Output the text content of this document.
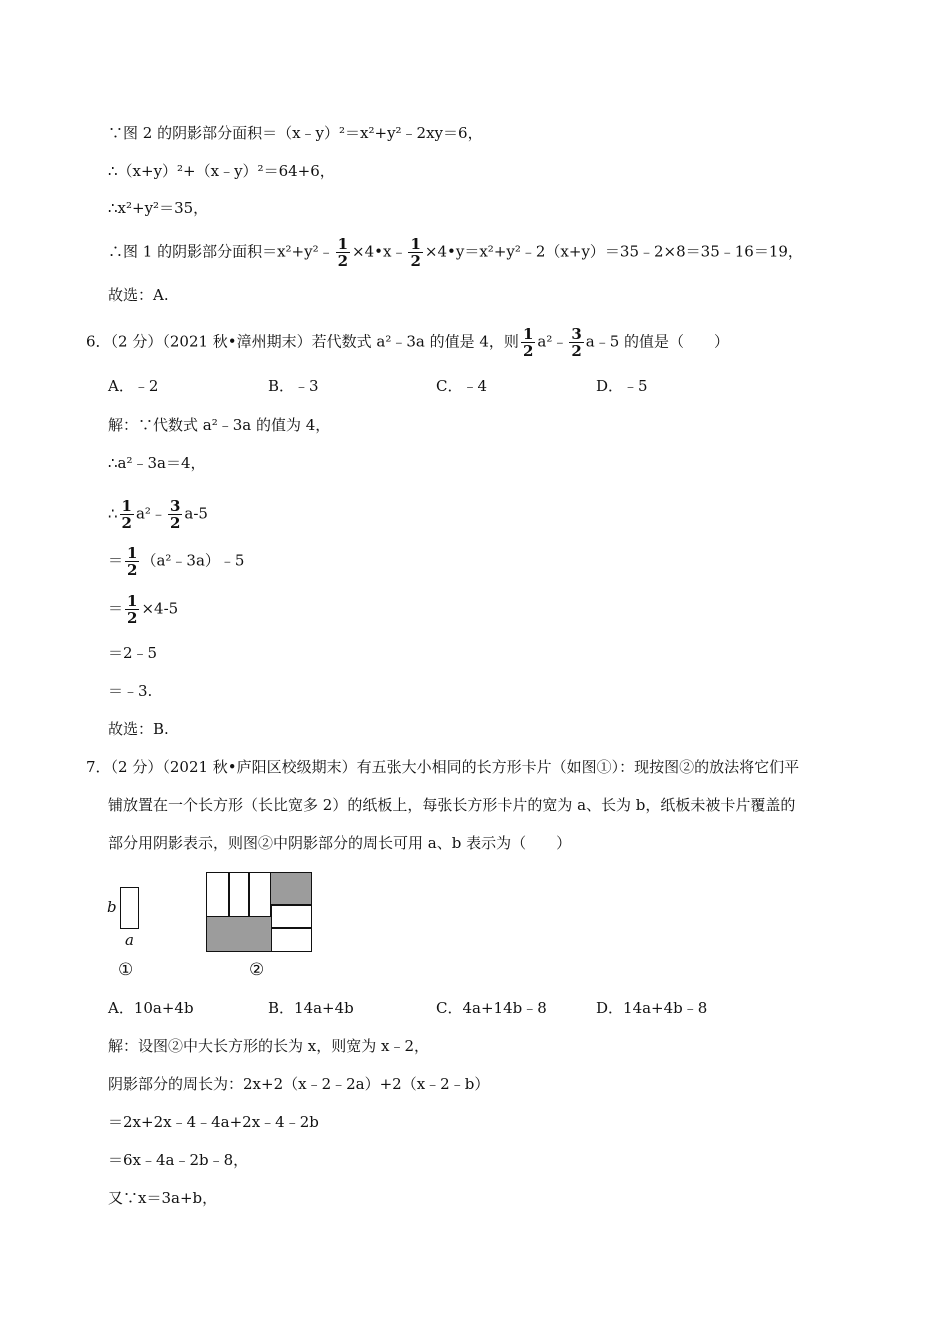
∵图 2 的阴影部分面积＝（x﹣y）²＝x²+y²﹣2xy＝6，
∴（x+y）²+（x﹣y）²＝64+6，
∴x²+y²＝35，
∴图 1 的阴影部分面积＝x²+y²﹣ $\frac{1}{2}$ ×4•x﹣ $\frac{1}{2}$ ×4•y＝x²+y²﹣2（x+y）＝35﹣2×8＝35﹣16＝19，
故选：A.
6．（2 分）（2021 秋•漳州期末）若代数式 a²﹣3a 的值是 4，则 $\frac{1}{2}$ a²﹣ $\frac{3}{2}$ a﹣5 的值是（　　）
A．﹣2	B．﹣3	C．﹣4	D．﹣5
解：∵代数式 a²﹣3a 的值为 4，
∴a²﹣3a＝4，
∴ $\frac{1}{2}$ a²﹣ $\frac{3}{2} a-5$
＝ $\frac{1}{2}$ （a²﹣3a）﹣5
＝ $\frac{1}{2} \times 4-5$
＝2﹣5
＝﹣3.
故选：B.
7．（2 分）（2021 秋•庐阳区校级期末）有五张大小相同的长方形卡片（如图①）：现按图②的放法将它们平
铺放置在一个长方形（长比宽多 2）的纸板上，每张长方形卡片的宽为 a、长为 b，纸板未被卡片覆盖的
部分用阴影表示，则图②中阴影部分的周长可用 a、b 表示为（　　）
b
a
①	②
A．10a+4b	B．14a+4b	C．4a+14b﹣8	D．14a+4b﹣8
解：设图②中大长方形的长为 x，则宽为 x﹣2，
阴影部分的周长为：2x+2（x﹣2﹣2a）+2（x﹣2﹣b）
＝2x+2x﹣4﹣4a+2x﹣4﹣2b
＝6x﹣4a﹣2b﹣8，
又∵x＝3a+b，
